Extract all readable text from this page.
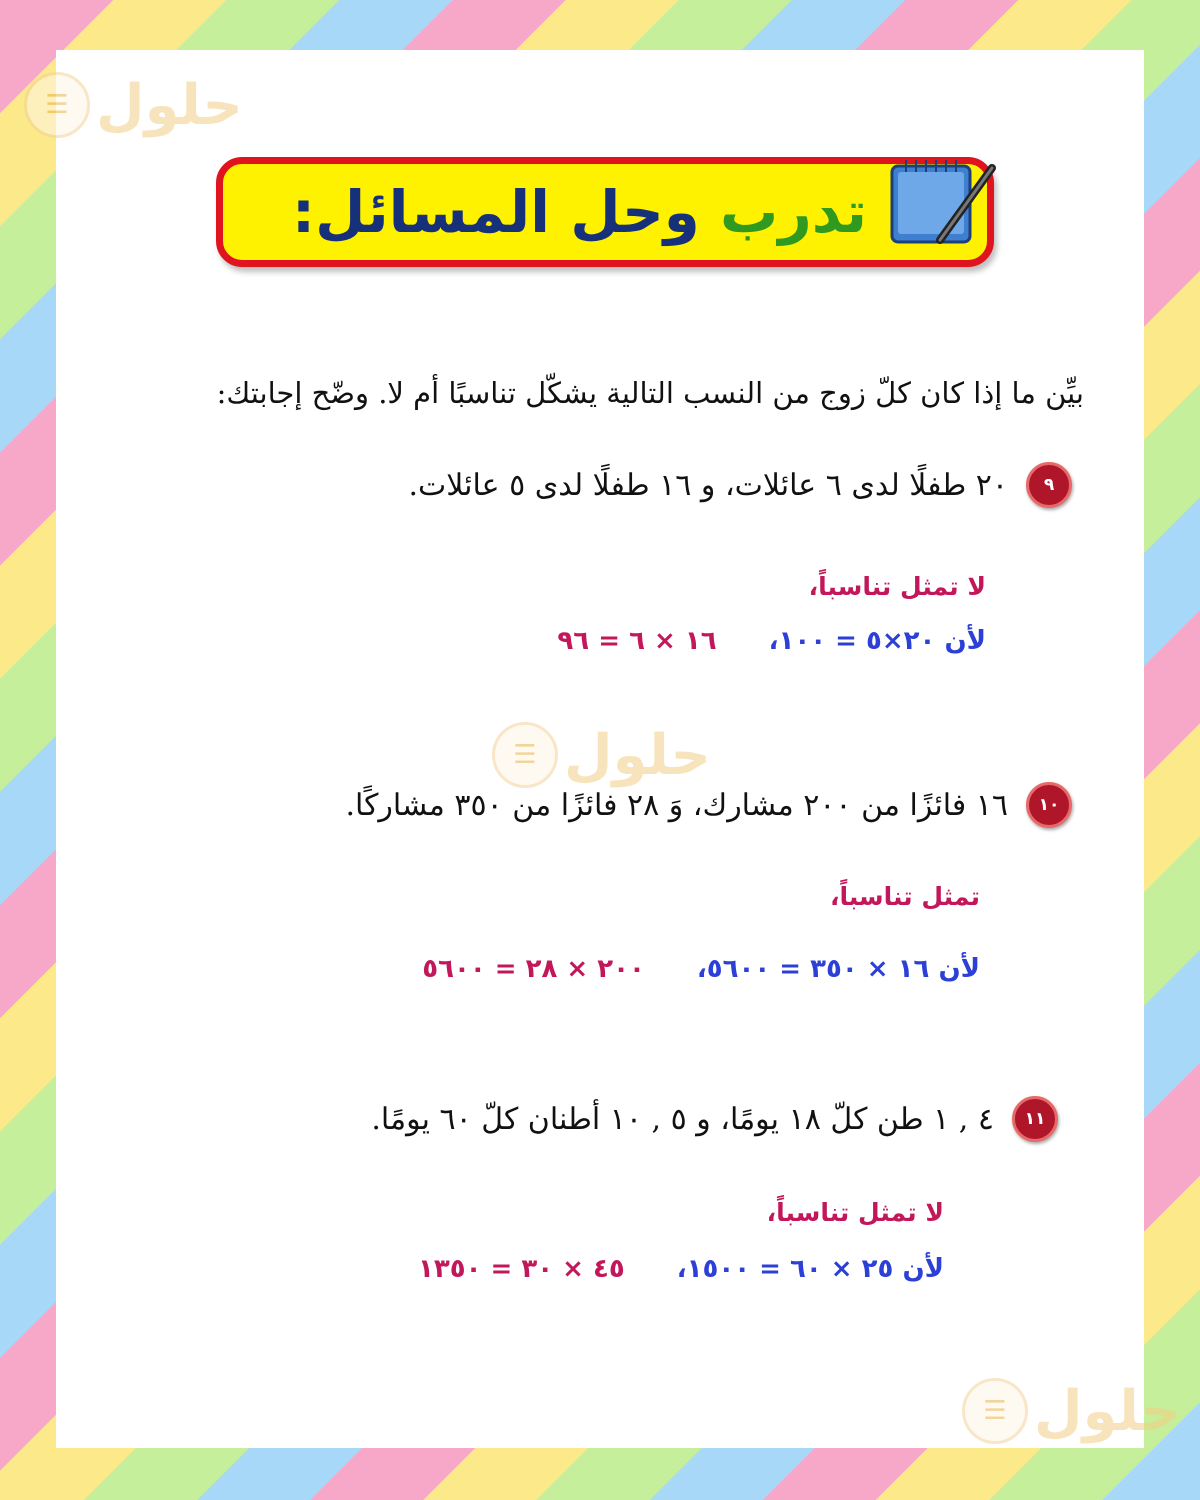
☰ حلول
☰ حلول
☰ حلول
تدرب وحل المسائل:
بيِّن ما إذا كان كلّ زوج من النسب التالية يشكّل تناسبًا أم لا. وضّح إجابتك:
٩
٢٠ طفلًا لدى ٦ عائلات، و ١٦ طفلًا لدى ٥ عائلات.
لا تمثل تناسباً،
لأن ٢٠×٥ = ١٠٠،
١٦ × ٦ = ٩٦
١٠
١٦ فائزًا من ٢٠٠ مشارك، وَ ٢٨ فائزًا من ٣٥٠ مشاركًا.
تمثل تناسباً،
لأن ١٦ × ٣٥٠ = ٥٦٠٠،
٢٠٠ × ٢٨ = ٥٦٠٠
١١
٤ , ١ طن كلّ ١٨ يومًا، و ٥ , ١٠ أطنان كلّ ٦٠ يومًا.
لا تمثل تناسباً،
لأن ٢٥ × ٦٠ = ١٥٠٠،
٤٥ × ٣٠ = ١٣٥٠
